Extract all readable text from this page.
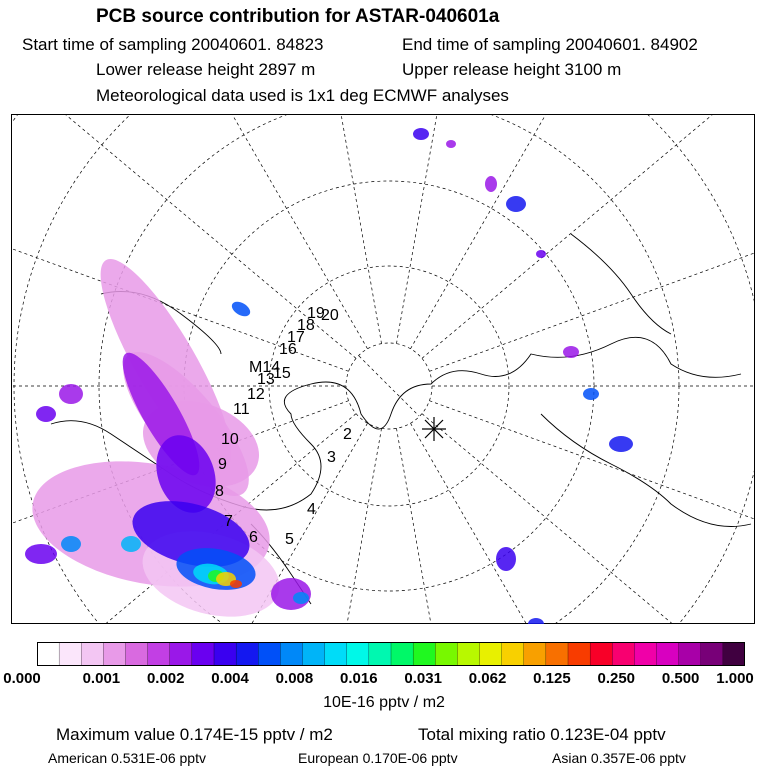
PCB source contribution for ASTAR-040601a
Start time of sampling 20040601. 84823	End time of sampling 20040601. 84902
Lower release height 2897 m	Upper release height 3100 m
Meteorological data used is 1x1 deg ECMWF analyses
2
3
4
5
6
7
8
9
10
11
12
13
M14
15
16
17
18
19
20
0.000	0.001 0.002 0.004 0.008 0.016 0.031 0.062 0.125 0.250 0.500 1.000
10E-16 pptv / m2
Maximum value 0.174E-15 pptv / m2	Total mixing ratio 0.123E-04 pptv
American 0.531E-06 pptv	European 0.170E-06 pptv	Asian 0.357E-06 pptv
